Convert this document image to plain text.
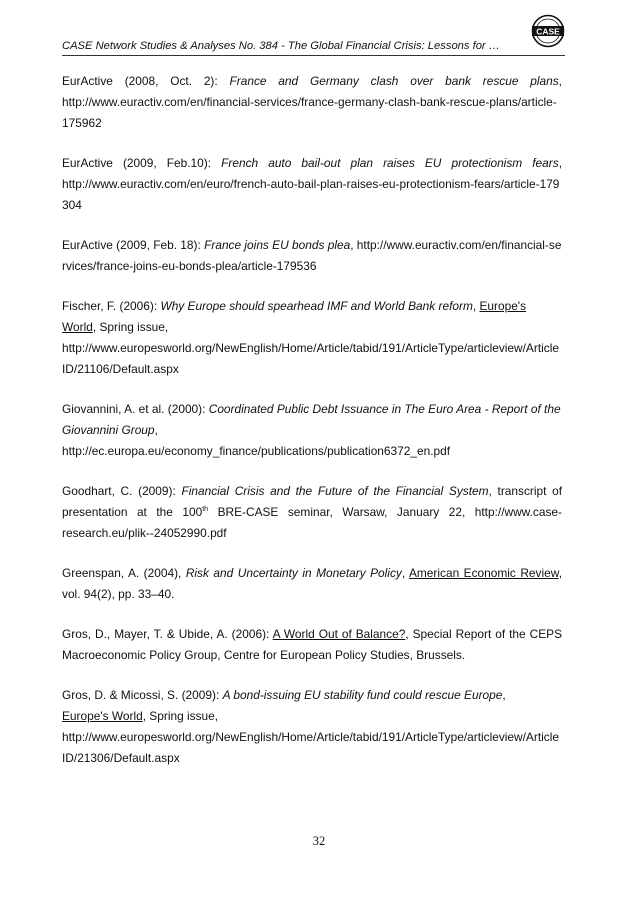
CASE Network Studies & Analyses No. 384 - The Global Financial Crisis: Lessons for …
CASE
EurActive (2008, Oct. 2): France and Germany clash over bank rescue plans,
http://www.euractiv.com/en/financial-services/france-germany-clash-bank-rescue-plans/article-175962
EurActive (2009, Feb.10): French auto bail-out plan raises EU protectionism fears,
http://www.euractiv.com/en/euro/french-auto-bail-plan-raises-eu-protectionism-fears/article-179304
EurActive (2009, Feb. 18): France joins EU bonds plea, http://www.euractiv.com/en/financial-services/france-joins-eu-bonds-plea/article-179536
Fischer, F. (2006): Why Europe should spearhead IMF and World Bank reform, Europe's World, Spring issue,
http://www.europesworld.org/NewEnglish/Home/Article/tabid/191/ArticleType/articleview/ArticleID/21106/Default.aspx
Giovannini, A. et al. (2000): Coordinated Public Debt Issuance in The Euro Area - Report of the Giovannini Group,
http://ec.europa.eu/economy_finance/publications/publication6372_en.pdf
Goodhart, C. (2009): Financial Crisis and the Future of the Financial System, transcript of presentation at the 100th BRE-CASE seminar, Warsaw, January 22, http://www.case-research.eu/plik--24052990.pdf
Greenspan, A. (2004), Risk and Uncertainty in Monetary Policy, American Economic Review, vol. 94(2), pp. 33–40.
Gros, D., Mayer, T. & Ubide, A. (2006): A World Out of Balance?, Special Report of the CEPS Macroeconomic Policy Group, Centre for European Policy Studies, Brussels.
Gros, D. & Micossi, S. (2009): A bond-issuing EU stability fund could rescue Europe,
Europe's World, Spring issue,
http://www.europesworld.org/NewEnglish/Home/Article/tabid/191/ArticleType/articleview/ArticleID/21306/Default.aspx
32
